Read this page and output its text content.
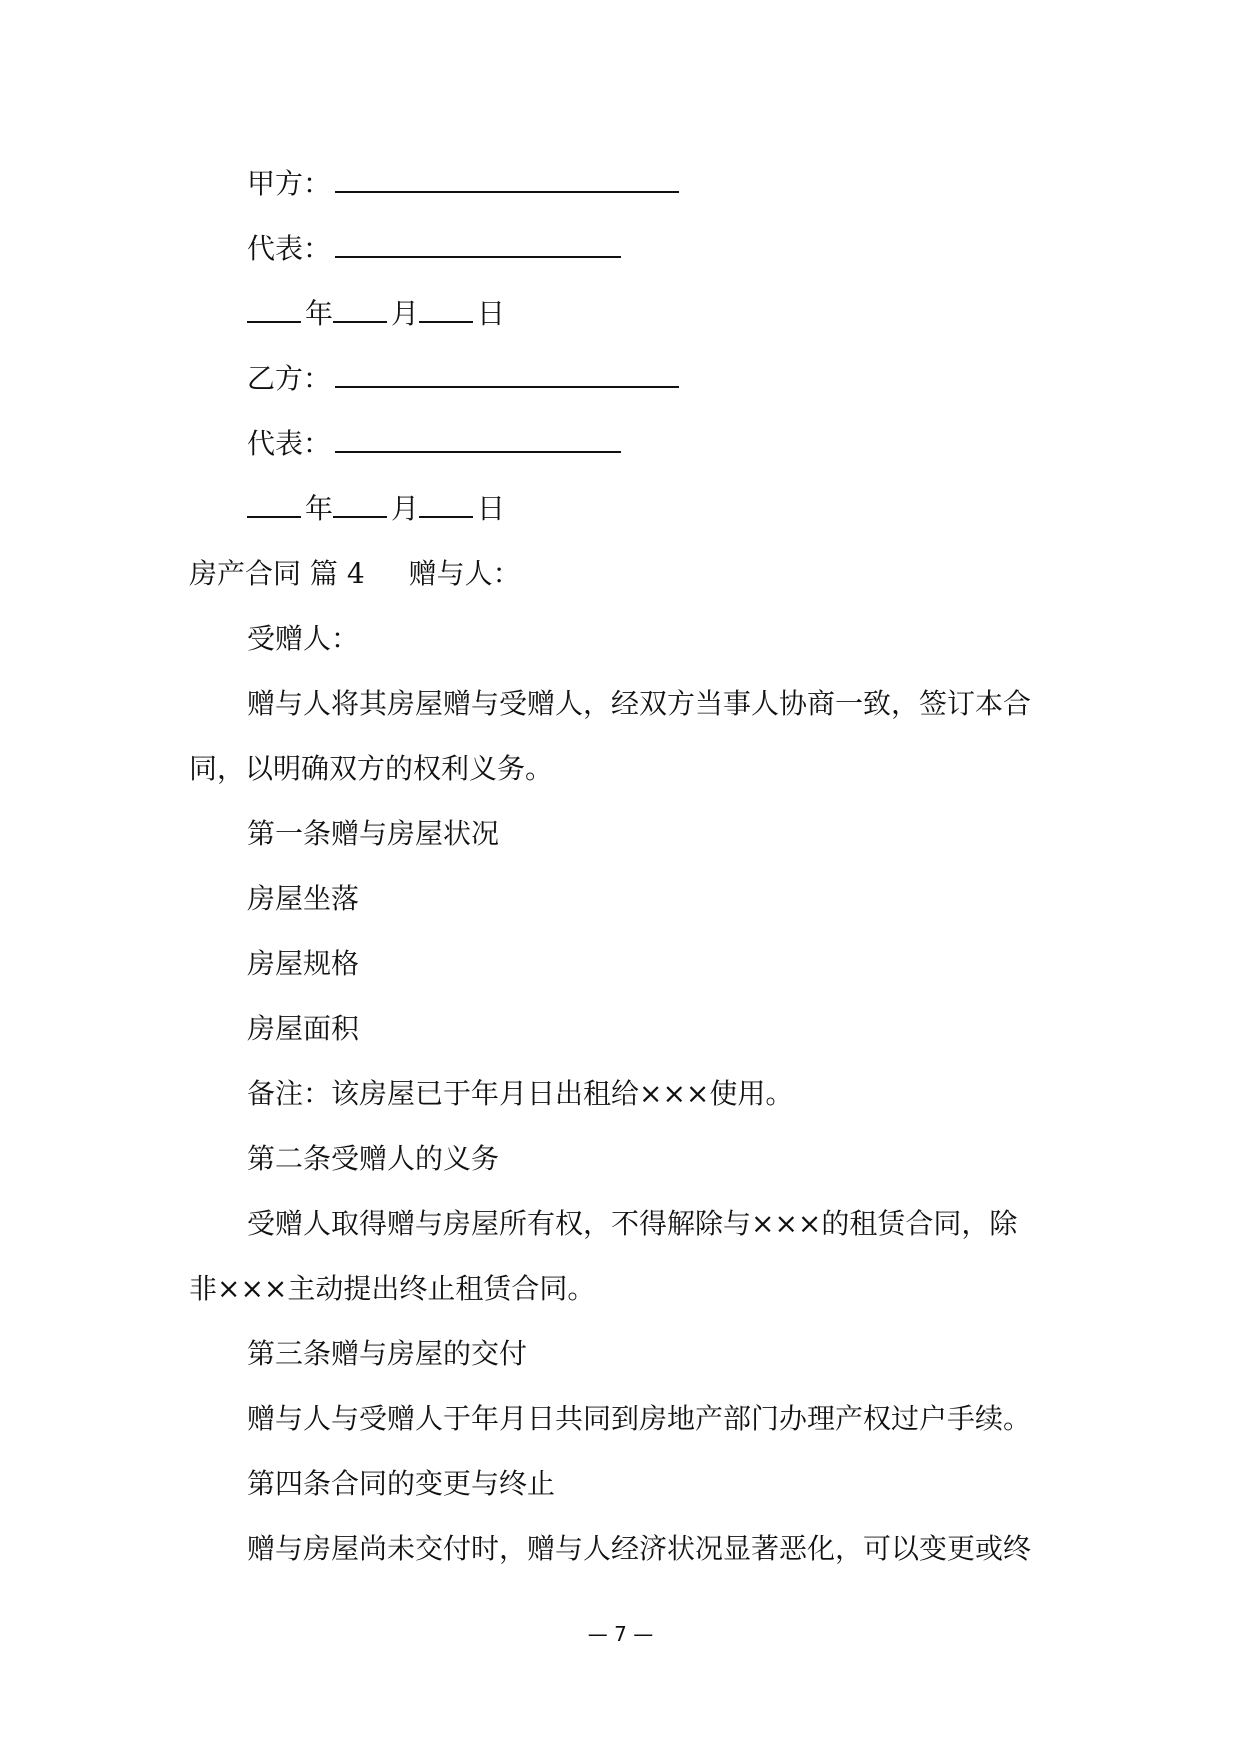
甲方：
代表：
年 月 日
乙方：
代表：
年 月 日
房产合同 篇 4 赠与人：
受赠人：
赠与人将其房屋赠与受赠人，经双方当事人协商一致，签订本合
同，以明确双方的权利义务。
第一条赠与房屋状况
房屋坐落
房屋规格
房屋面积
备注：该房屋已于年月日出租给×××使用。
第二条受赠人的义务
受赠人取得赠与房屋所有权，不得解除与×××的租赁合同，除
非×××主动提出终止租赁合同。
第三条赠与房屋的交付
赠与人与受赠人于年月日共同到房地产部门办理产权过户手续。
第四条合同的变更与终止
赠与房屋尚未交付时，赠与人经济状况显著恶化，可以变更或终
— 7 —
